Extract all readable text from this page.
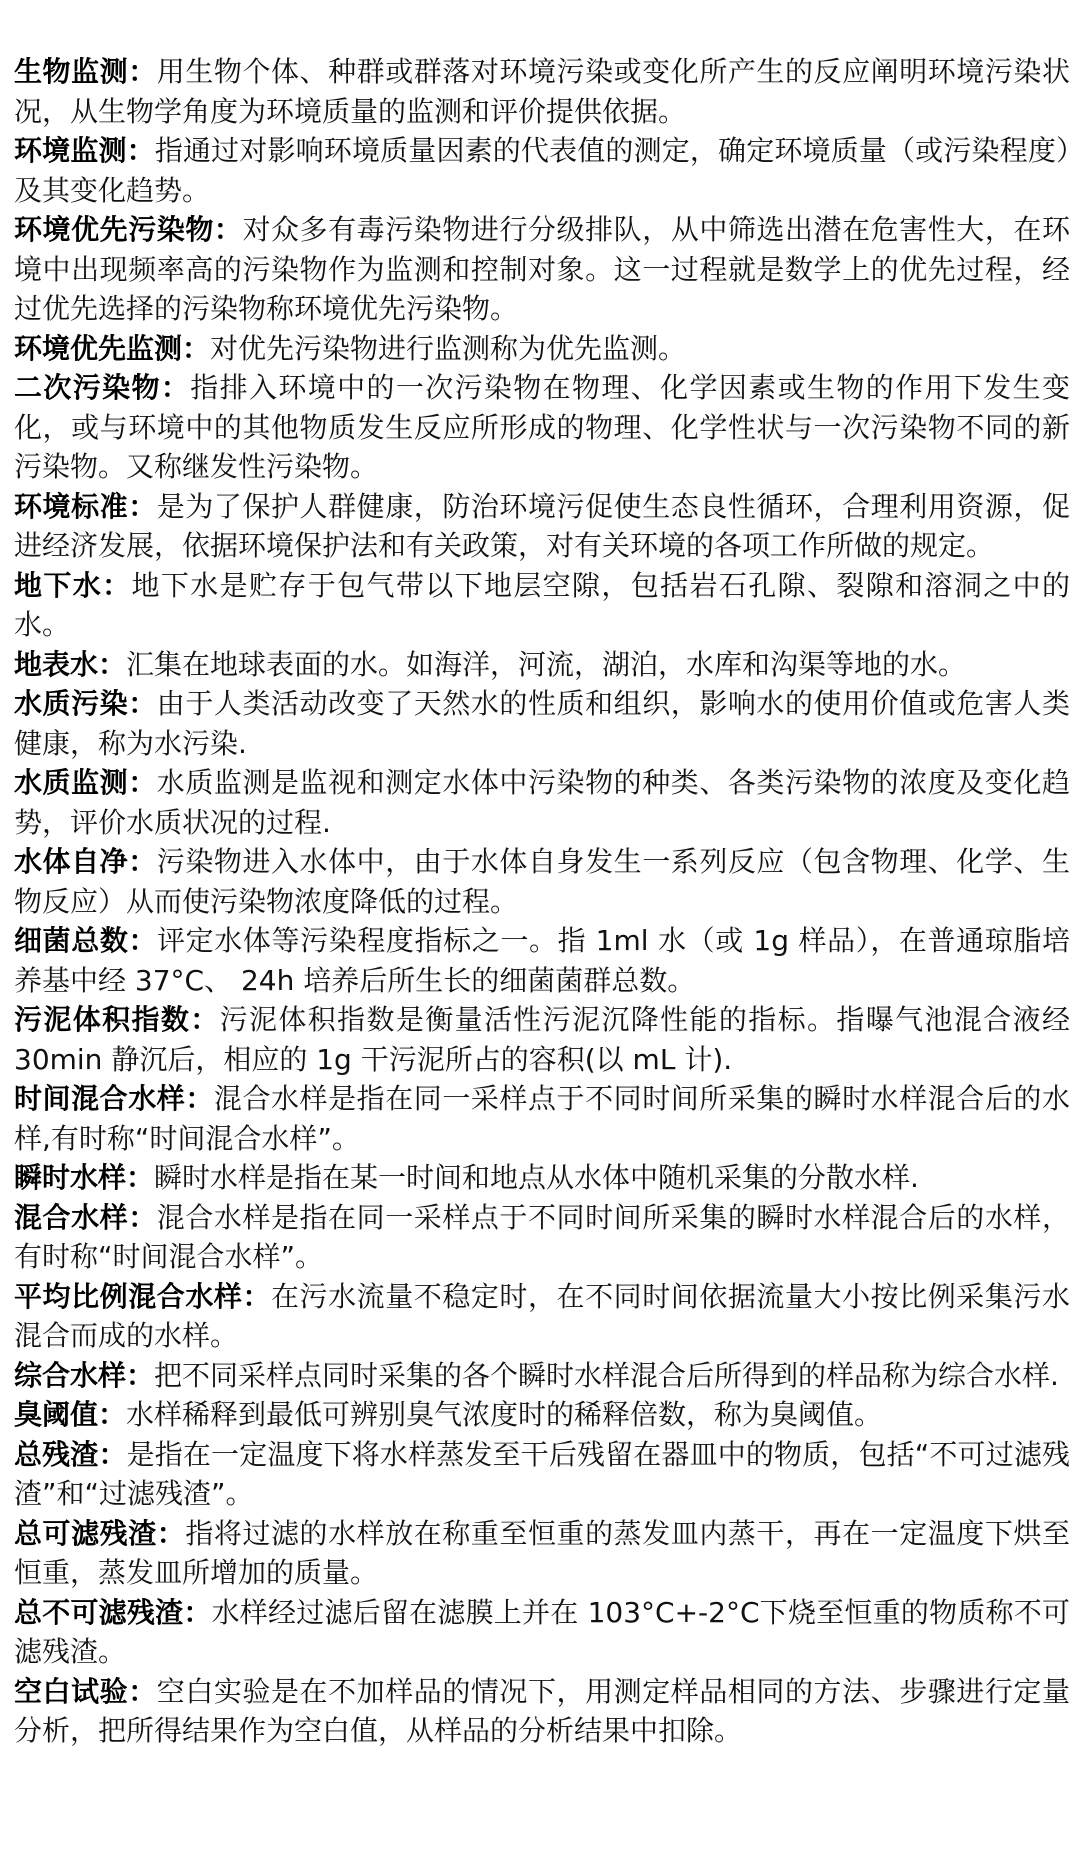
生物监测：用生物个体、种群或群落对环境污染或变化所产生的反应阐明环境污染状况，从生物学角度为环境质量的监测和评价提供依据。

环境监测：指通过对影响环境质量因素的代表值的测定，确定环境质量（或污染程度）及其变化趋势。

环境优先污染物：对众多有毒污染物进行分级排队，从中筛选出潜在危害性大，在环境中出现频率高的污染物作为监测和控制对象。这一过程就是数学上的优先过程，经过优先选择的污染物称环境优先污染物。

环境优先监测：对优先污染物进行监测称为优先监测。

二次污染物：指排入环境中的一次污染物在物理、化学因素或生物的作用下发生变化，或与环境中的其他物质发生反应所形成的物理、化学性状与一次污染物不同的新污染物。又称继发性污染物。

环境标准：是为了保护人群健康，防治环境污促使生态良性循环，合理利用资源，促进经济发展，依据环境保护法和有关政策，对有关环境的各项工作所做的规定。

地下水：地下水是贮存于包气带以下地层空隙，包括岩石孔隙、裂隙和溶洞之中的水。

地表水：汇集在地球表面的水。如海洋，河流，湖泊，水库和沟渠等地的水。

水质污染：由于人类活动改变了天然水的性质和组织，影响水的使用价值或危害人类健康，称为水污染.

水质监测：水质监测是监视和测定水体中污染物的种类、各类污染物的浓度及变化趋势，评价水质状况的过程.

水体自净：污染物进入水体中，由于水体自身发生一系列反应（包含物理、化学、生物反应）从而使污染物浓度降低的过程。

细菌总数：评定水体等污染程度指标之一。指 1ml 水（或 1g 样品），在普通琼脂培养基中经 37°C、 24h 培养后所生长的细菌菌群总数。

污泥体积指数：污泥体积指数是衡量活性污泥沉降性能的指标。指曝气池混合液经 30min 静沉后，相应的 1g 干污泥所占的容积(以 mL 计).

时间混合水样：混合水样是指在同一采样点于不同时间所采集的瞬时水样混合后的水样,有时称“时间混合水样”。

瞬时水样：瞬时水样是指在某一时间和地点从水体中随机采集的分散水样.

混合水样：混合水样是指在同一采样点于不同时间所采集的瞬时水样混合后的水样，有时称“时间混合水样”。

平均比例混合水样：在污水流量不稳定时，在不同时间依据流量大小按比例采集污水混合而成的水样。

综合水样：把不同采样点同时采集的各个瞬时水样混合后所得到的样品称为综合水样.

臭阈值：水样稀释到最低可辨别臭气浓度时的稀释倍数，称为臭阈值。

总残渣：是指在一定温度下将水样蒸发至干后残留在器皿中的物质，包括“不可过滤残渣”和“过滤残渣”。

总可滤残渣：指将过滤的水样放在称重至恒重的蒸发皿内蒸干，再在一定温度下烘至恒重，蒸发皿所增加的质量。

总不可滤残渣：水样经过滤后留在滤膜上并在 103°C+-2°C下烧至恒重的物质称不可滤残渣。

空白试验：空白实验是在不加样品的情况下，用测定样品相同的方法、步骤进行定量分析，把所得结果作为空白值，从样品的分析结果中扣除。
